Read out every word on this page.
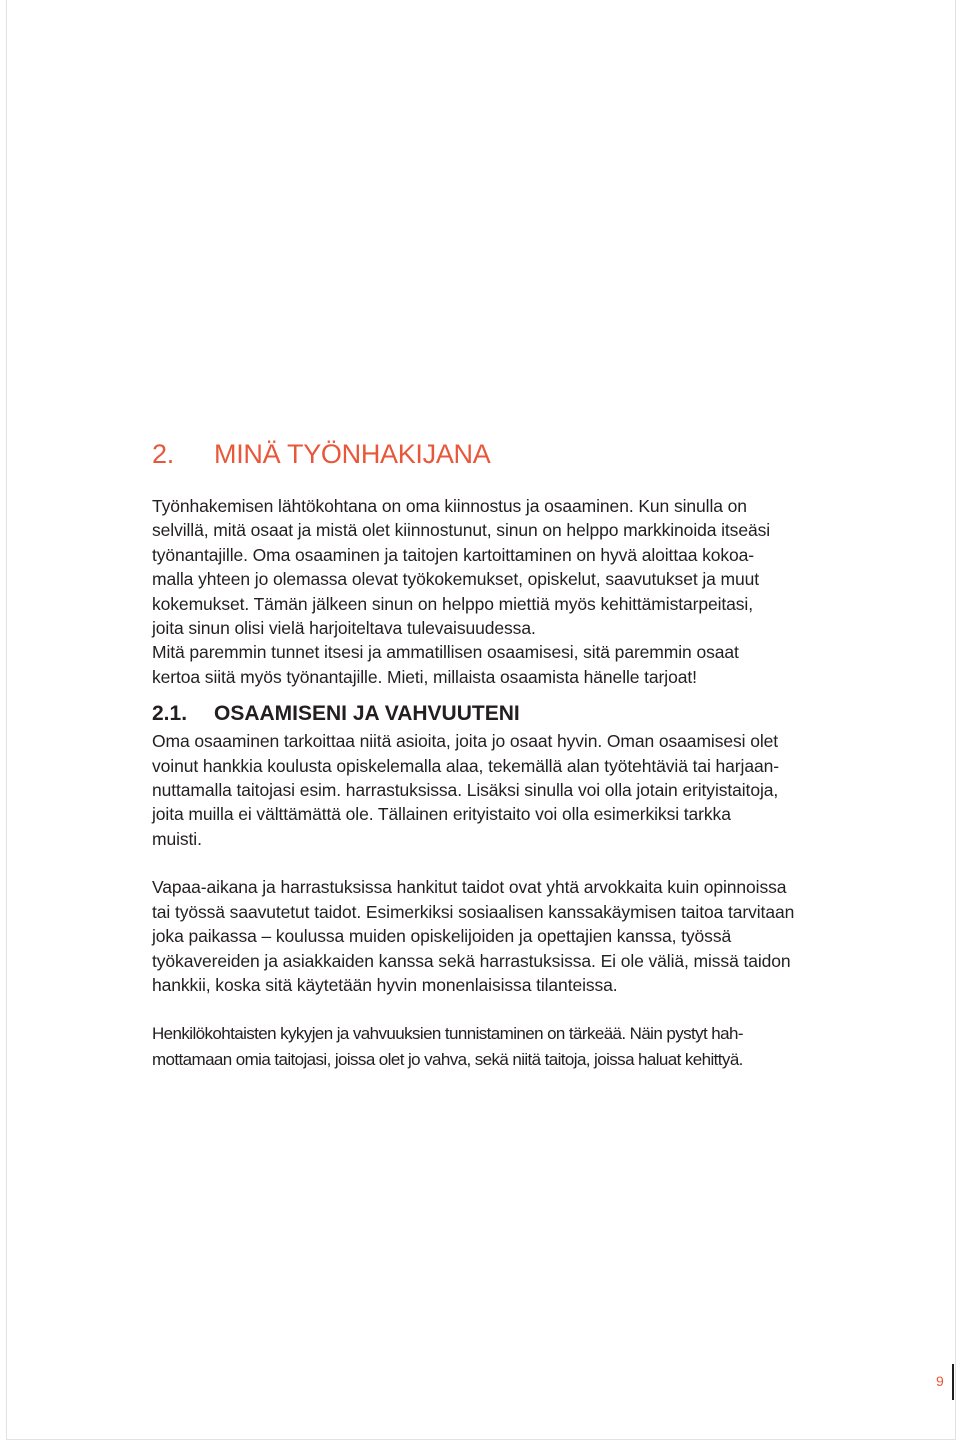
2.	MINÄ TYÖNHAKIJANA

Työnhakemisen lähtökohtana on oma kiinnostus ja osaaminen. Kun sinulla on
selvillä, mitä osaat ja mistä olet kiinnostunut, sinun on helppo markkinoida itseäsi
työnantajille. Oma osaaminen ja taitojen kartoittaminen on hyvä aloittaa kokoa-
malla yhteen jo olemassa olevat työkokemukset, opiskelut, saavutukset ja muut
kokemukset. Tämän jälkeen sinun on helppo miettiä myös kehittämistarpeitasi,
joita sinun olisi vielä harjoiteltava tulevaisuudessa.

Mitä paremmin tunnet itsesi ja ammatillisen osaamisesi, sitä paremmin osaat
kertoa siitä myös työnantajille. Mieti, millaista osaamista hänelle tarjoat!

2.1.	OSAAMISENI JA VAHVUUTENI

Oma osaaminen tarkoittaa niitä asioita, joita jo osaat hyvin. Oman osaamisesi olet
voinut hankkia koulusta opiskelemalla alaa, tekemällä alan työtehtäviä tai harjaan-
nuttamalla taitojasi esim. harrastuksissa. Lisäksi sinulla voi olla jotain erityistaitoja,
joita muilla ei välttämättä ole. Tällainen erityistaito voi olla esimerkiksi tarkka
muisti.

Vapaa-aikana ja harrastuksissa hankitut taidot ovat yhtä arvokkaita kuin opinnoissa
tai työssä saavutetut taidot. Esimerkiksi sosiaalisen kanssakäymisen taitoa tarvitaan
joka paikassa – koulussa muiden opiskelijoiden ja opettajien kanssa, työssä
työkavereiden ja asiakkaiden kanssa sekä harrastuksissa. Ei ole väliä, missä taidon
hankkii, koska sitä käytetään hyvin monenlaisissa tilanteissa.

Henkilökohtaisten kykyjen ja vahvuuksien tunnistaminen on tärkeää. Näin pystyt hah-
mottamaan omia taitojasi, joissa olet jo vahva, sekä niitä taitoja, joissa haluat kehittyä.

9
